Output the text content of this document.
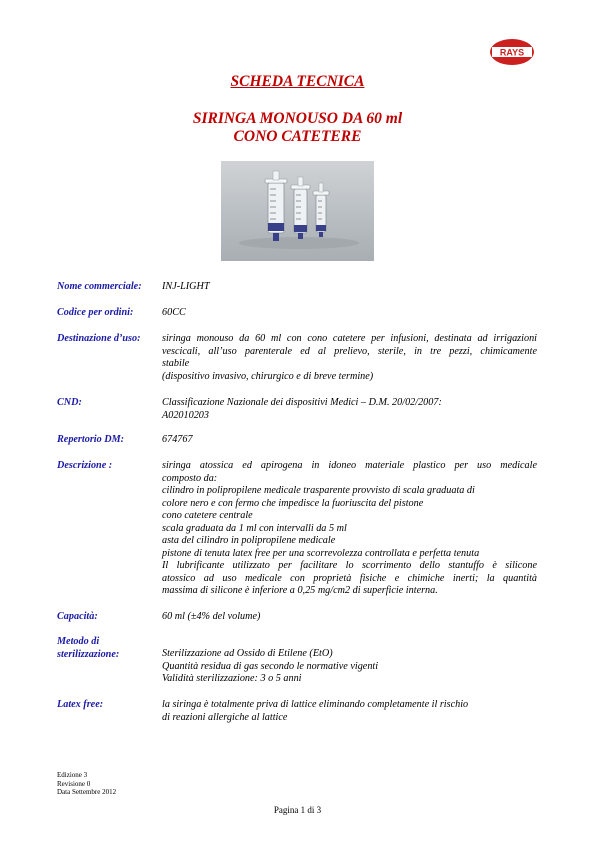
RAYS
SCHEDA TECNICA
SIRINGA MONOUSO DA 60 ml
CONO CATETERE
Nome commerciale: INJ-LIGHT
Codice per ordini:	60CC
Destinazione d’uso: siringa monouso da 60 ml con cono catetere per infusioni, destinata ad irrigazioni
vescicali, all’uso parenterale ed al prelievo, sterile, in tre pezzi, chimicamente
stabile
(dispositivo invasivo, chirurgico e di breve termine)
CND:	Classificazione Nazionale dei dispositivi Medici – D.M. 20/02/2007:
A02010203
Repertorio DM:	674767
Descrizione :	siringa atossica ed apirogena in idoneo materiale plastico per uso medicale
composto da:
cilindro in polipropilene medicale trasparente provvisto di scala graduata di
colore nero e con fermo che impedisce la fuoriuscita del pistone
cono catetere centrale
scala graduata da 1 ml con intervalli da 5 ml
asta del cilindro in polipropilene medicale
pistone di tenuta latex free per una scorrevolezza controllata e perfetta tenuta
Il lubrificante utilizzato per facilitare lo scorrimento dello stantuffo è silicone
atossico ad uso medicale con proprietà fisiche e chimiche inerti; la quantità
massima di silicone è inferiore a 0,25 mg/cm2 di superficie interna.
Capacità:	60 ml (±4% del volume)
Metodo di
sterilizzazione:	Sterilizzazione ad Ossido di Etilene (EtO)
Quantità residua di gas secondo le normative vigenti
Validità sterilizzazione: 3 o 5 anni
Latex free:	la siringa è totalmente priva di lattice eliminando completamente il rischio
di reazioni allergiche al lattice
Edizione 3
Revisione 0
Data Settembre 2012
Pagina 1 di 3
